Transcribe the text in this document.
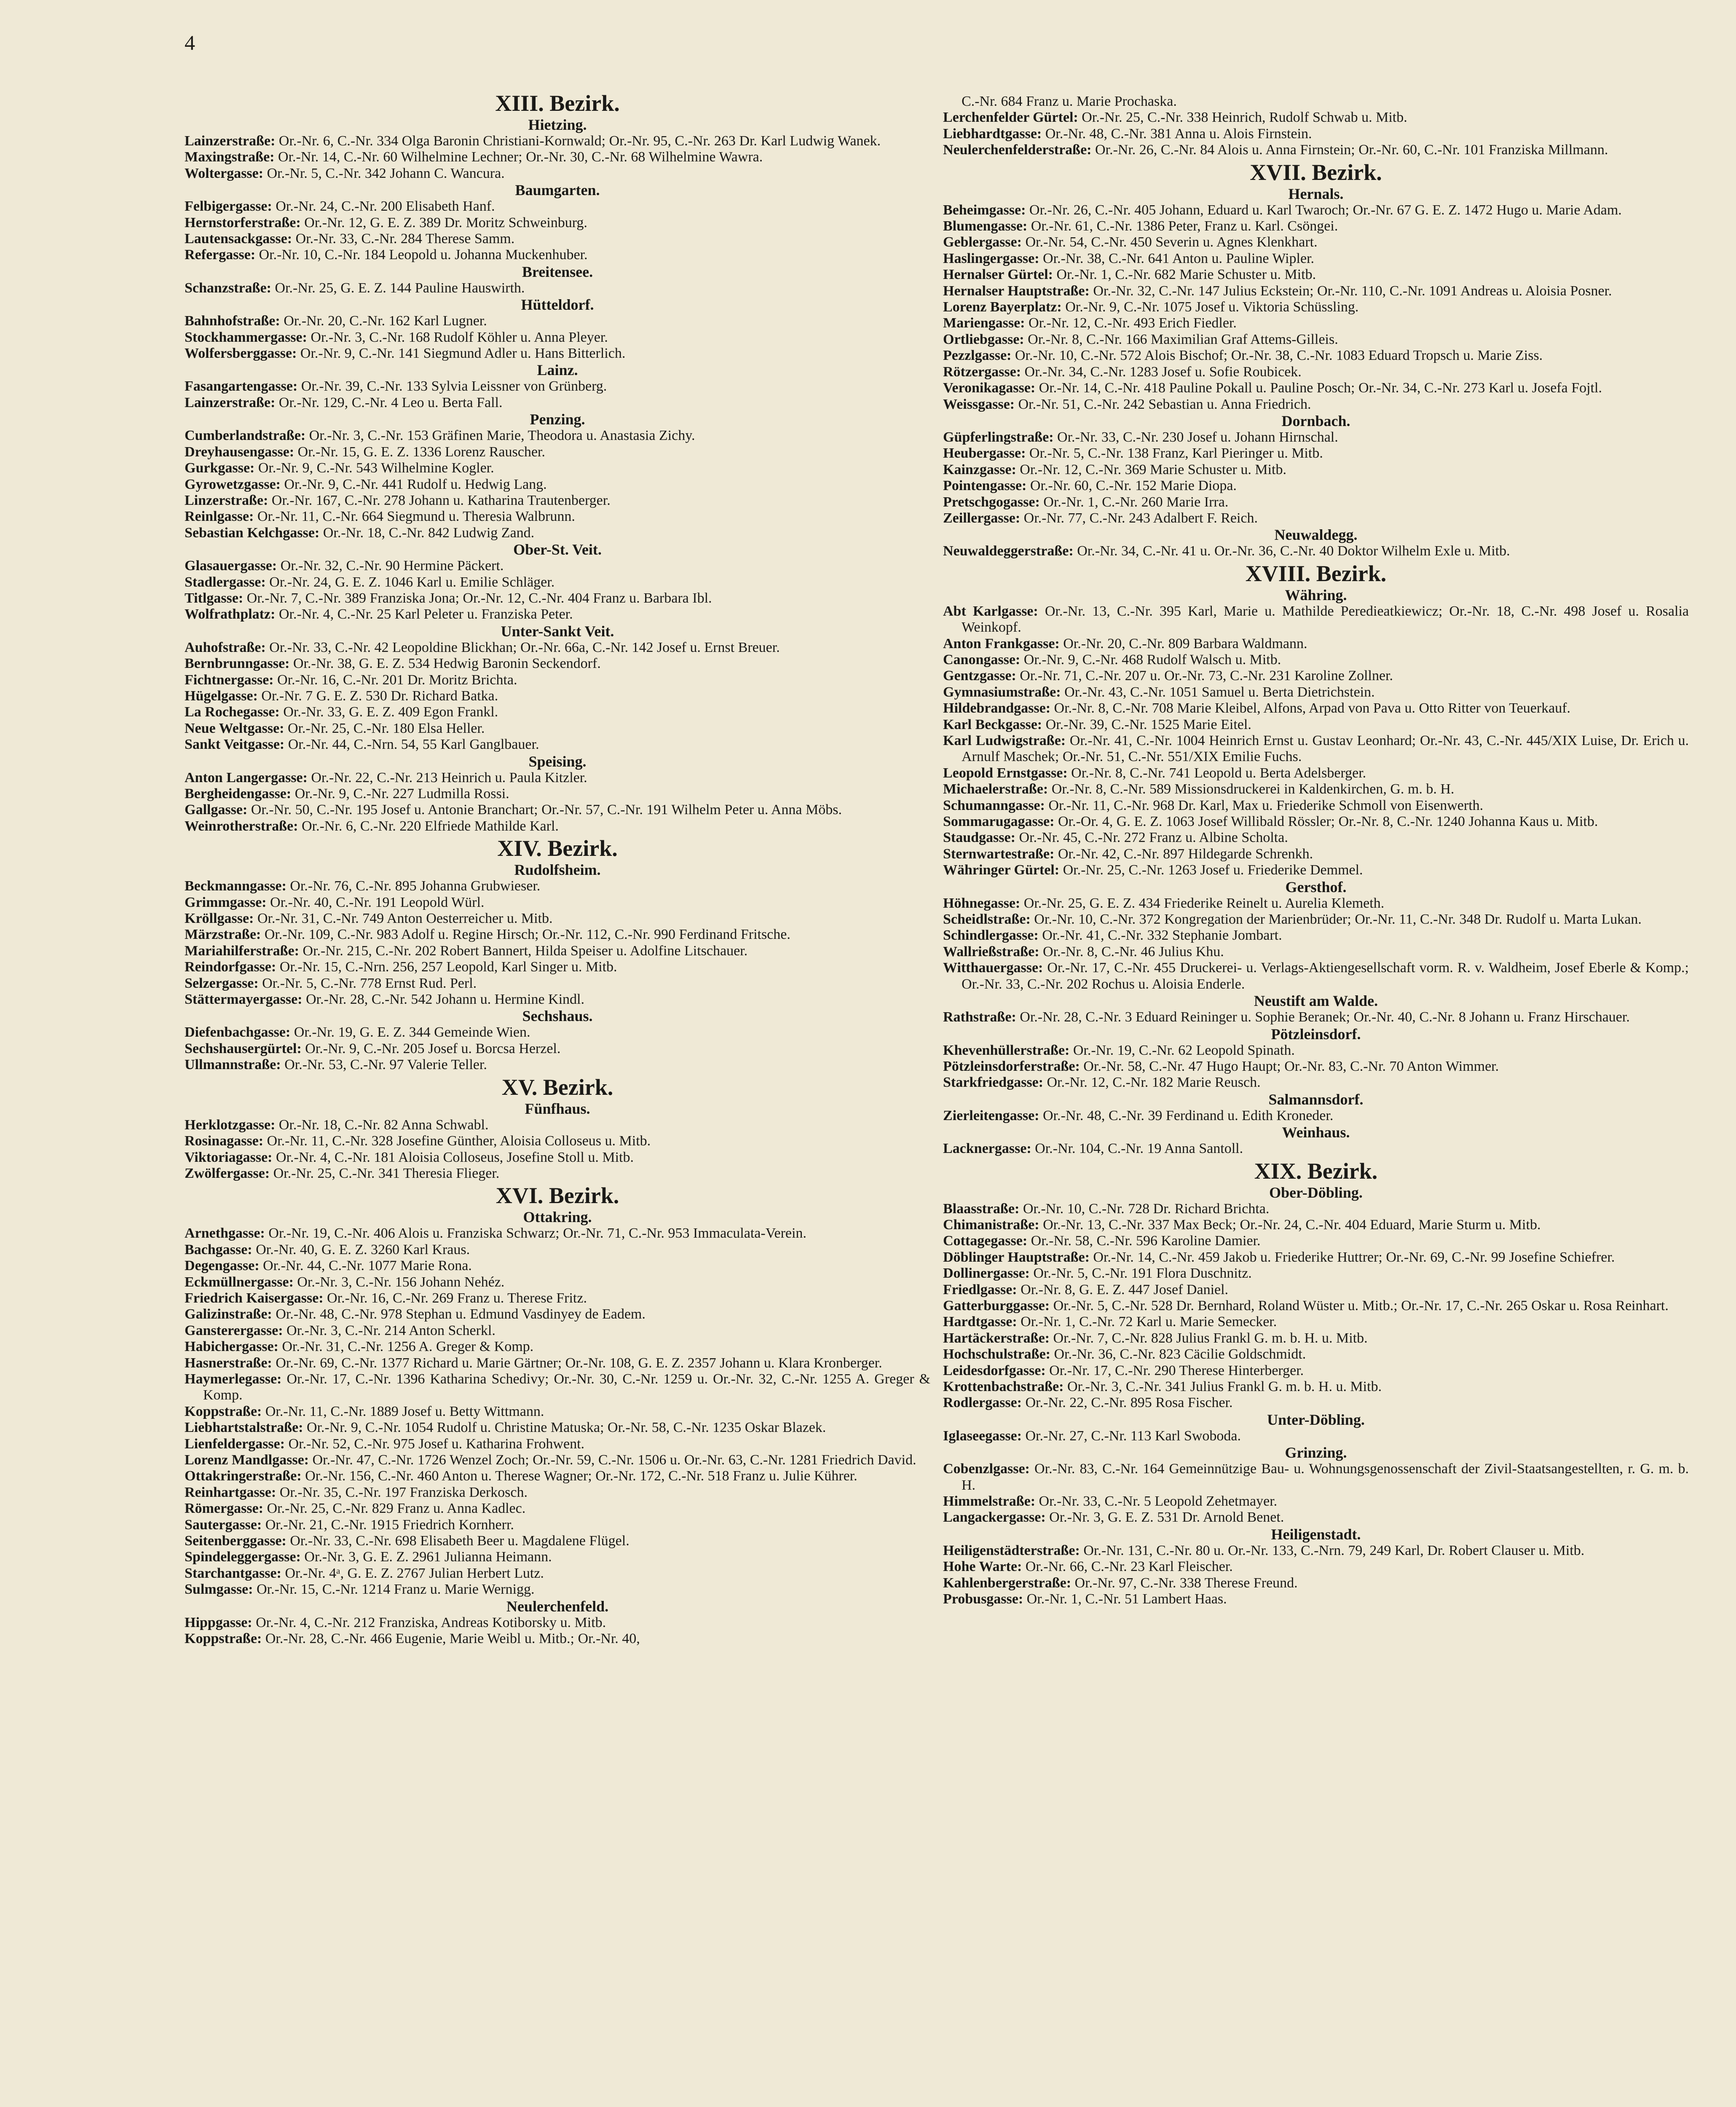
4
XIII. Bezirk.
Hietzing.
Lainzerstraße: Or.-Nr. 6, C.-Nr. 334 Olga Baronin Christiani-Kornwald; Or.-Nr. 95, C.-Nr. 263 Dr. Karl Ludwig Wanek.
Maxingstraße: Or.-Nr. 14, C.-Nr. 60 Wilhelmine Lechner; Or.-Nr. 30, C.-Nr. 68 Wilhelmine Wawra.
Woltergasse: Or.-Nr. 5, C.-Nr. 342 Johann C. Wancura.
Baumgarten.
Felbigergasse: Or.-Nr. 24, C.-Nr. 200 Elisabeth Hanf.
Hernstorferstraße: Or.-Nr. 12, G. E. Z. 389 Dr. Moritz Schweinburg.
Lautensackgasse: Or.-Nr. 33, C.-Nr. 284 Therese Samm.
Refergasse: Or.-Nr. 10, C.-Nr. 184 Leopold u. Johanna Muckenhuber.
Breitensee.
Schanzstraße: Or.-Nr. 25, G. E. Z. 144 Pauline Hauswirth.
Hütteldorf.
Bahnhofstraße: Or.-Nr. 20, C.-Nr. 162 Karl Lugner.
Stockhammergasse: Or.-Nr. 3, C.-Nr. 168 Rudolf Köhler u. Anna Pleyer.
Wolfersberggasse: Or.-Nr. 9, C.-Nr. 141 Siegmund Adler u. Hans Bitterlich.
Lainz.
Fasangartengasse: Or.-Nr. 39, C.-Nr. 133 Sylvia Leissner von Grünberg.
Lainzerstraße: Or.-Nr. 129, C.-Nr. 4 Leo u. Berta Fall.
Penzing.
Cumberlandstraße: Or.-Nr. 3, C.-Nr. 153 Gräfinen Marie, Theodora u. Anastasia Zichy.
Dreyhausengasse: Or.-Nr. 15, G. E. Z. 1336 Lorenz Rauscher.
Gurkgasse: Or.-Nr. 9, C.-Nr. 543 Wilhelmine Kogler.
Gyrowetzgasse: Or.-Nr. 9, C.-Nr. 441 Rudolf u. Hedwig Lang.
Linzerstraße: Or.-Nr. 167, C.-Nr. 278 Johann u. Katharina Trautenberger.
Reinlgasse: Or.-Nr. 11, C.-Nr. 664 Siegmund u. Theresia Walbrunn.
Sebastian Kelchgasse: Or.-Nr. 18, C.-Nr. 842 Ludwig Zand.
Ober-St. Veit.
Glasauergasse: Or.-Nr. 32, C.-Nr. 90 Hermine Päckert.
Stadlergasse: Or.-Nr. 24, G. E. Z. 1046 Karl u. Emilie Schläger.
Titlgasse: Or.-Nr. 7, C.-Nr. 389 Franziska Jona; Or.-Nr. 12, C.-Nr. 404 Franz u. Barbara Ibl.
Wolfrathplatz: Or.-Nr. 4, C.-Nr. 25 Karl Peleter u. Franziska Peter.
Unter-Sankt Veit.
Auhofstraße: Or.-Nr. 33, C.-Nr. 42 Leopoldine Blickhan; Or.-Nr. 66a, C.-Nr. 142 Josef u. Ernst Breuer.
Bernbrunngasse: Or.-Nr. 38, G. E. Z. 534 Hedwig Baronin Seckendorf.
Fichtnergasse: Or.-Nr. 16, C.-Nr. 201 Dr. Moritz Brichta.
Hügelgasse: Or.-Nr. 7 G. E. Z. 530 Dr. Richard Batka.
La Rochegasse: Or.-Nr. 33, G. E. Z. 409 Egon Frankl.
Neue Weltgasse: Or.-Nr. 25, C.-Nr. 180 Elsa Heller.
Sankt Veitgasse: Or.-Nr. 44, C.-Nrn. 54, 55 Karl Ganglbauer.
Speising.
Anton Langergasse: Or.-Nr. 22, C.-Nr. 213 Heinrich u. Paula Kitzler.
Bergheidengasse: Or.-Nr. 9, C.-Nr. 227 Ludmilla Rossi.
Gallgasse: Or.-Nr. 50, C.-Nr. 195 Josef u. Antonie Branchart; Or.-Nr. 57, C.-Nr. 191 Wilhelm Peter u. Anna Möbs.
Weinrotherstraße: Or.-Nr. 6, C.-Nr. 220 Elfriede Mathilde Karl.
XIV. Bezirk.
Rudolfsheim.
Beckmanngasse: Or.-Nr. 76, C.-Nr. 895 Johanna Grubwieser.
Grimmgasse: Or.-Nr. 40, C.-Nr. 191 Leopold Würl.
Kröllgasse: Or.-Nr. 31, C.-Nr. 749 Anton Oesterreicher u. Mitb.
Märzstraße: Or.-Nr. 109, C.-Nr. 983 Adolf u. Regine Hirsch; Or.-Nr. 112, C.-Nr. 990 Ferdinand Fritsche.
Mariahilferstraße: Or.-Nr. 215, C.-Nr. 202 Robert Bannert, Hilda Speiser u. Adolfine Litschauer.
Reindorfgasse: Or.-Nr. 15, C.-Nrn. 256, 257 Leopold, Karl Singer u. Mitb.
Selzergasse: Or.-Nr. 5, C.-Nr. 778 Ernst Rud. Perl.
Stättermayergasse: Or.-Nr. 28, C.-Nr. 542 Johann u. Hermine Kindl.
Sechshaus.
Diefenbachgasse: Or.-Nr. 19, G. E. Z. 344 Gemeinde Wien.
Sechshausergürtel: Or.-Nr. 9, C.-Nr. 205 Josef u. Borcsa Herzel.
Ullmannstraße: Or.-Nr. 53, C.-Nr. 97 Valerie Teller.
XV. Bezirk.
Fünfhaus.
Herklotzgasse: Or.-Nr. 18, C.-Nr. 82 Anna Schwabl.
Rosinagasse: Or.-Nr. 11, C.-Nr. 328 Josefine Günther, Aloisia Colloseus u. Mitb.
Viktoriagasse: Or.-Nr. 4, C.-Nr. 181 Aloisia Colloseus, Josefine Stoll u. Mitb.
Zwölfergasse: Or.-Nr. 25, C.-Nr. 341 Theresia Flieger.
XVI. Bezirk.
Ottakring.
Arnethgasse: Or.-Nr. 19, C.-Nr. 406 Alois u. Franziska Schwarz; Or.-Nr. 71, C.-Nr. 953 Immaculata-Verein.
Bachgasse: Or.-Nr. 40, G. E. Z. 3260 Karl Kraus.
Degengasse: Or.-Nr. 44, C.-Nr. 1077 Marie Rona.
Eckmüllnergasse: Or.-Nr. 3, C.-Nr. 156 Johann Nehéz.
Friedrich Kaisergasse: Or.-Nr. 16, C.-Nr. 269 Franz u. Therese Fritz.
Galizinstraße: Or.-Nr. 48, C.-Nr. 978 Stephan u. Edmund Vasdinyey de Eadem.
Gansterergasse: Or.-Nr. 3, C.-Nr. 214 Anton Scherkl.
Habichergasse: Or.-Nr. 31, C.-Nr. 1256 A. Greger & Komp.
Hasnerstraße: Or.-Nr. 69, C.-Nr. 1377 Richard u. Marie Gärtner; Or.-Nr. 108, G. E. Z. 2357 Johann u. Klara Kronberger.
Haymerlegasse: Or.-Nr. 17, C.-Nr. 1396 Katharina Schedivy; Or.-Nr. 30, C.-Nr. 1259 u. Or.-Nr. 32, C.-Nr. 1255 A. Greger & Komp.
Koppstraße: Or.-Nr. 11, C.-Nr. 1889 Josef u. Betty Wittmann.
Liebhartstalstraße: Or.-Nr. 9, C.-Nr. 1054 Rudolf u. Christine Matuska; Or.-Nr. 58, C.-Nr. 1235 Oskar Blazek.
Lienfeldergasse: Or.-Nr. 52, C.-Nr. 975 Josef u. Katharina Frohwent.
Lorenz Mandlgasse: Or.-Nr. 47, C.-Nr. 1726 Wenzel Zoch; Or.-Nr. 59, C.-Nr. 1506 u. Or.-Nr. 63, C.-Nr. 1281 Friedrich David.
Ottakringerstraße: Or.-Nr. 156, C.-Nr. 460 Anton u. Therese Wagner; Or.-Nr. 172, C.-Nr. 518 Franz u. Julie Kührer.
Reinhartgasse: Or.-Nr. 35, C.-Nr. 197 Franziska Derkosch.
Römergasse: Or.-Nr. 25, C.-Nr. 829 Franz u. Anna Kadlec.
Sautergasse: Or.-Nr. 21, C.-Nr. 1915 Friedrich Kornherr.
Seitenberggasse: Or.-Nr. 33, C.-Nr. 698 Elisabeth Beer u. Magdalene Flügel.
Spindeleggergasse: Or.-Nr. 3, G. E. Z. 2961 Julianna Heimann.
Starchantgasse: Or.-Nr. 4ᵃ, G. E. Z. 2767 Julian Herbert Lutz.
Sulmgasse: Or.-Nr. 15, C.-Nr. 1214 Franz u. Marie Wernigg.
Neulerchenfeld.
Hippgasse: Or.-Nr. 4, C.-Nr. 212 Franziska, Andreas Kotiborsky u. Mitb.
Koppstraße: Or.-Nr. 28, C.-Nr. 466 Eugenie, Marie Weibl u. Mitb.; Or.-Nr. 40,
C.-Nr. 684 Franz u. Marie Prochaska.
Lerchenfelder Gürtel: Or.-Nr. 25, C.-Nr. 338 Heinrich, Rudolf Schwab u. Mitb.
Liebhardtgasse: Or.-Nr. 48, C.-Nr. 381 Anna u. Alois Firnstein.
Neulerchenfelderstraße: Or.-Nr. 26, C.-Nr. 84 Alois u. Anna Firnstein; Or.-Nr. 60, C.-Nr. 101 Franziska Millmann.
XVII. Bezirk.
Hernals.
Beheimgasse: Or.-Nr. 26, C.-Nr. 405 Johann, Eduard u. Karl Twaroch; Or.-Nr. 67 G. E. Z. 1472 Hugo u. Marie Adam.
Blumengasse: Or.-Nr. 61, C.-Nr. 1386 Peter, Franz u. Karl. Csöngei.
Geblergasse: Or.-Nr. 54, C.-Nr. 450 Severin u. Agnes Klenkhart.
Haslingergasse: Or.-Nr. 38, C.-Nr. 641 Anton u. Pauline Wipler.
Hernalser Gürtel: Or.-Nr. 1, C.-Nr. 682 Marie Schuster u. Mitb.
Hernalser Hauptstraße: Or.-Nr. 32, C.-Nr. 147 Julius Eckstein; Or.-Nr. 110, C.-Nr. 1091 Andreas u. Aloisia Posner.
Lorenz Bayerplatz: Or.-Nr. 9, C.-Nr. 1075 Josef u. Viktoria Schüssling.
Mariengasse: Or.-Nr. 12, C.-Nr. 493 Erich Fiedler.
Ortliebgasse: Or.-Nr. 8, C.-Nr. 166 Maximilian Graf Attems-Gilleis.
Pezzlgasse: Or.-Nr. 10, C.-Nr. 572 Alois Bischof; Or.-Nr. 38, C.-Nr. 1083 Eduard Tropsch u. Marie Ziss.
Rötzergasse: Or.-Nr. 34, C.-Nr. 1283 Josef u. Sofie Roubicek.
Veronikagasse: Or.-Nr. 14, C.-Nr. 418 Pauline Pokall u. Pauline Posch; Or.-Nr. 34, C.-Nr. 273 Karl u. Josefa Fojtl.
Weissgasse: Or.-Nr. 51, C.-Nr. 242 Sebastian u. Anna Friedrich.
Dornbach.
Güpferlingstraße: Or.-Nr. 33, C.-Nr. 230 Josef u. Johann Hirnschal.
Heubergasse: Or.-Nr. 5, C.-Nr. 138 Franz, Karl Pieringer u. Mitb.
Kainzgasse: Or.-Nr. 12, C.-Nr. 369 Marie Schuster u. Mitb.
Pointengasse: Or.-Nr. 60, C.-Nr. 152 Marie Diopa.
Pretschgogasse: Or.-Nr. 1, C.-Nr. 260 Marie Irra.
Zeillergasse: Or.-Nr. 77, C.-Nr. 243 Adalbert F. Reich.
Neuwaldegg.
Neuwaldeggerstraße: Or.-Nr. 34, C.-Nr. 41 u. Or.-Nr. 36, C.-Nr. 40 Doktor Wilhelm Exle u. Mitb.
XVIII. Bezirk.
Währing.
Abt Karlgasse: Or.-Nr. 13, C.-Nr. 395 Karl, Marie u. Mathilde Perediеatkiewicz; Or.-Nr. 18, C.-Nr. 498 Josef u. Rosalia Weinkopf.
Anton Frankgasse: Or.-Nr. 20, C.-Nr. 809 Barbara Waldmann.
Canongasse: Or.-Nr. 9, C.-Nr. 468 Rudolf Walsch u. Mitb.
Gentzgasse: Or.-Nr. 71, C.-Nr. 207 u. Or.-Nr. 73, C.-Nr. 231 Karoline Zollner.
Gymnasiumstraße: Or.-Nr. 43, C.-Nr. 1051 Samuel u. Berta Dietrichstein.
Hildebrandgasse: Or.-Nr. 8, C.-Nr. 708 Marie Kleibel, Alfons, Arpad von Pava u. Otto Ritter von Teuerkauf.
Karl Beckgasse: Or.-Nr. 39, C.-Nr. 1525 Marie Eitel.
Karl Ludwigstraße: Or.-Nr. 41, C.-Nr. 1004 Heinrich Ernst u. Gustav Leonhard; Or.-Nr. 43, C.-Nr. 445/XIX Luise, Dr. Erich u. Arnulf Maschek; Or.-Nr. 51, C.-Nr. 551/XIX Emilie Fuchs.
Leopold Ernstgasse: Or.-Nr. 8, C.-Nr. 741 Leopold u. Berta Adelsberger.
Michaelerstraße: Or.-Nr. 8, C.-Nr. 589 Missionsdruckerei in Kaldenkirchen, G. m. b. H.
Schumanngasse: Or.-Nr. 11, C.-Nr. 968 Dr. Karl, Max u. Friederike Schmoll von Eisenwerth.
Sommarugagasse: Or.-Or. 4, G. E. Z. 1063 Josef Willibald Rössler; Or.-Nr. 8, C.-Nr. 1240 Johanna Kaus u. Mitb.
Staudgasse: Or.-Nr. 45, C.-Nr. 272 Franz u. Albine Scholta.
Sternwartestraße: Or.-Nr. 42, C.-Nr. 897 Hildegarde Schrenkh.
Währinger Gürtel: Or.-Nr. 25, C.-Nr. 1263 Josef u. Friederike Demmel.
Gersthof.
Höhnegasse: Or.-Nr. 25, G. E. Z. 434 Friederike Reinelt u. Aurelia Klemeth.
Scheidlstraße: Or.-Nr. 10, C.-Nr. 372 Kongregation der Marienbrüder; Or.-Nr. 11, C.-Nr. 348 Dr. Rudolf u. Marta Lukan.
Schindlergasse: Or.-Nr. 41, C.-Nr. 332 Stephanie Jombart.
Wallrießstraße: Or.-Nr. 8, C.-Nr. 46 Julius Khu.
Witthauergasse: Or.-Nr. 17, C.-Nr. 455 Druckerei- u. Verlags-Aktiengesellschaft vorm. R. v. Waldheim, Josef Eberle & Komp.; Or.-Nr. 33, C.-Nr. 202 Rochus u. Aloisia Enderle.
Neustift am Walde.
Rathstraße: Or.-Nr. 28, C.-Nr. 3 Eduard Reininger u. Sophie Beranek; Or.-Nr. 40, C.-Nr. 8 Johann u. Franz Hirschauer.
Pötzleinsdorf.
Khevenhüllerstraße: Or.-Nr. 19, C.-Nr. 62 Leopold Spinath.
Pötzleinsdorferstraße: Or.-Nr. 58, C.-Nr. 47 Hugo Haupt; Or.-Nr. 83, C.-Nr. 70 Anton Wimmer.
Starkfriedgasse: Or.-Nr. 12, C.-Nr. 182 Marie Reusch.
Salmannsdorf.
Zierleitengasse: Or.-Nr. 48, C.-Nr. 39 Ferdinand u. Edith Kroneder.
Weinhaus.
Lacknergasse: Or.-Nr. 104, C.-Nr. 19 Anna Santoll.
XIX. Bezirk.
Ober-Döbling.
Blaasstraße: Or.-Nr. 10, C.-Nr. 728 Dr. Richard Brichta.
Chimanistraße: Or.-Nr. 13, C.-Nr. 337 Max Beck; Or.-Nr. 24, C.-Nr. 404 Eduard, Marie Sturm u. Mitb.
Cottagegasse: Or.-Nr. 58, C.-Nr. 596 Karoline Damier.
Döblinger Hauptstraße: Or.-Nr. 14, C.-Nr. 459 Jakob u. Friederike Huttrer; Or.-Nr. 69, C.-Nr. 99 Josefine Schiefrer.
Dollinergasse: Or.-Nr. 5, C.-Nr. 191 Flora Duschnitz.
Friedlgasse: Or.-Nr. 8, G. E. Z. 447 Josef Daniel.
Gatterburggasse: Or.-Nr. 5, C.-Nr. 528 Dr. Bernhard, Roland Wüster u. Mitb.; Or.-Nr. 17, C.-Nr. 265 Oskar u. Rosa Reinhart.
Hardtgasse: Or.-Nr. 1, C.-Nr. 72 Karl u. Marie Semecker.
Hartäckerstraße: Or.-Nr. 7, C.-Nr. 828 Julius Frankl G. m. b. H. u. Mitb.
Hochschulstraße: Or.-Nr. 36, C.-Nr. 823 Cäcilie Goldschmidt.
Leidesdorfgasse: Or.-Nr. 17, C.-Nr. 290 Therese Hinterberger.
Krottenbachstraße: Or.-Nr. 3, C.-Nr. 341 Julius Frankl G. m. b. H. u. Mitb.
Rodlergasse: Or.-Nr. 22, C.-Nr. 895 Rosa Fischer.
Unter-Döbling.
Iglaseegasse: Or.-Nr. 27, C.-Nr. 113 Karl Swoboda.
Grinzing.
Cobenzlgasse: Or.-Nr. 83, C.-Nr. 164 Gemeinnützige Bau- u. Wohnungsgenossenschaft der Zivil-Staatsangestellten, r. G. m. b. H.
Himmelstraße: Or.-Nr. 33, C.-Nr. 5 Leopold Zehetmayer.
Langackergasse: Or.-Nr. 3, G. E. Z. 531 Dr. Arnold Benet.
Heiligenstadt.
Heiligenstädterstraße: Or.-Nr. 131, C.-Nr. 80 u. Or.-Nr. 133, C.-Nrn. 79, 249 Karl, Dr. Robert Clauser u. Mitb.
Hohe Warte: Or.-Nr. 66, C.-Nr. 23 Karl Fleischer.
Kahlenbergerstraße: Or.-Nr. 97, C.-Nr. 338 Therese Freund.
Probusgasse: Or.-Nr. 1, C.-Nr. 51 Lambert Haas.
